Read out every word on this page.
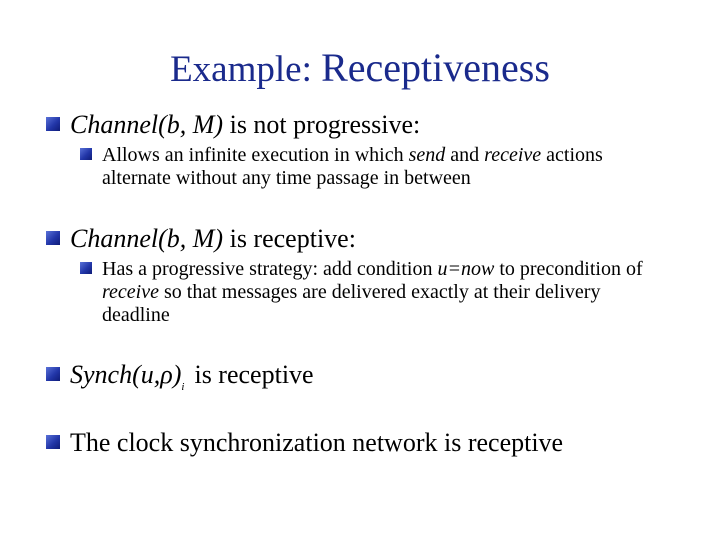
Example: Receptiveness
Channel(b, M) is not progressive:
Allows an infinite execution in which send and receive actions alternate without any time passage in between
Channel(b, M) is receptive:
Has a progressive strategy: add condition u=now to precondition of receive so that messages are delivered exactly at their delivery deadline
$Synch(u,\rho)_i$ is receptive
The clock synchronization network is receptive
